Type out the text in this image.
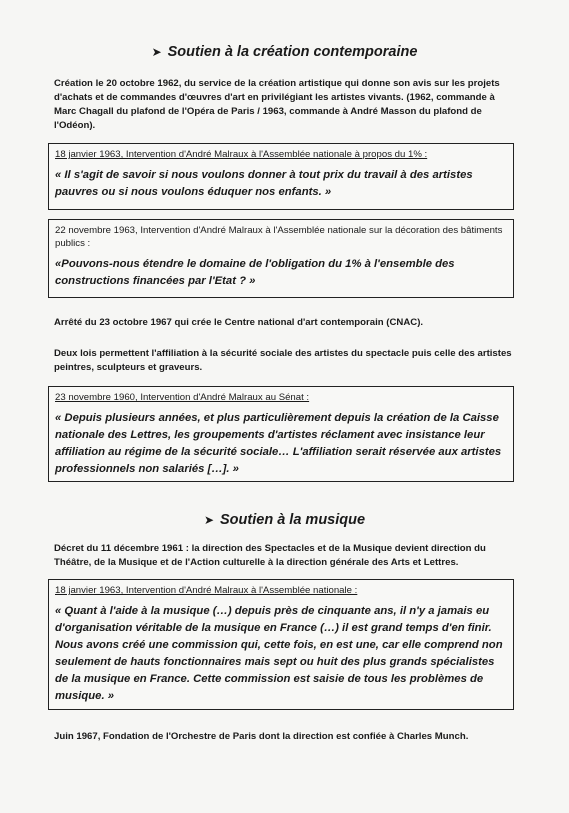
➤ Soutien à la création contemporaine
Création le 20 octobre 1962, du service de la création artistique qui donne son avis sur les projets d'achats et de commandes d'œuvres d'art en privilégiant les artistes vivants. (1962, commande à Marc Chagall du plafond de l'Opéra de Paris / 1963, commande à André Masson du plafond de l'Odéon).
18 janvier 1963, Intervention d'André Malraux à l'Assemblée nationale à propos du 1% :
« Il s'agit de savoir si nous voulons donner à tout prix du travail à des artistes pauvres ou si nous voulons éduquer nos enfants. »
22 novembre 1963, Intervention d'André Malraux à l'Assemblée nationale sur la décoration des bâtiments publics :
«Pouvons-nous étendre le domaine de l'obligation du 1% à l'ensemble des constructions financées par l'Etat ? »
Arrêté du 23 octobre 1967 qui crée le Centre national d'art contemporain (CNAC).
Deux lois permettent l'affiliation à la sécurité sociale des artistes du spectacle puis celle des artistes peintres, sculpteurs et graveurs.
23 novembre 1960, Intervention d'André Malraux au Sénat :
« Depuis plusieurs années, et plus particulièrement depuis la création de la Caisse nationale des Lettres, les groupements d'artistes réclament avec insistance leur affiliation au régime de la sécurité sociale… L'affiliation serait réservée aux artistes professionnels non salariés […]. »
➤ Soutien à la musique
Décret du 11 décembre 1961 : la direction des Spectacles et de la Musique devient direction du Théâtre, de la Musique et de l'Action culturelle à la direction générale des Arts et Lettres.
18 janvier 1963, Intervention d'André Malraux à l'Assemblée nationale :
« Quant à l'aide à la musique (…) depuis près de cinquante ans, il n'y a jamais eu d'organisation véritable de la musique en France (…) il est grand temps d'en finir. Nous avons créé une commission qui, cette fois, en est une, car elle comprend non seulement de hauts fonctionnaires mais sept ou huit des plus grands spécialistes de la musique en France. Cette commission est saisie de tous les problèmes de musique. »
Juin 1967, Fondation de l'Orchestre de Paris dont la direction est confiée à Charles Munch.
